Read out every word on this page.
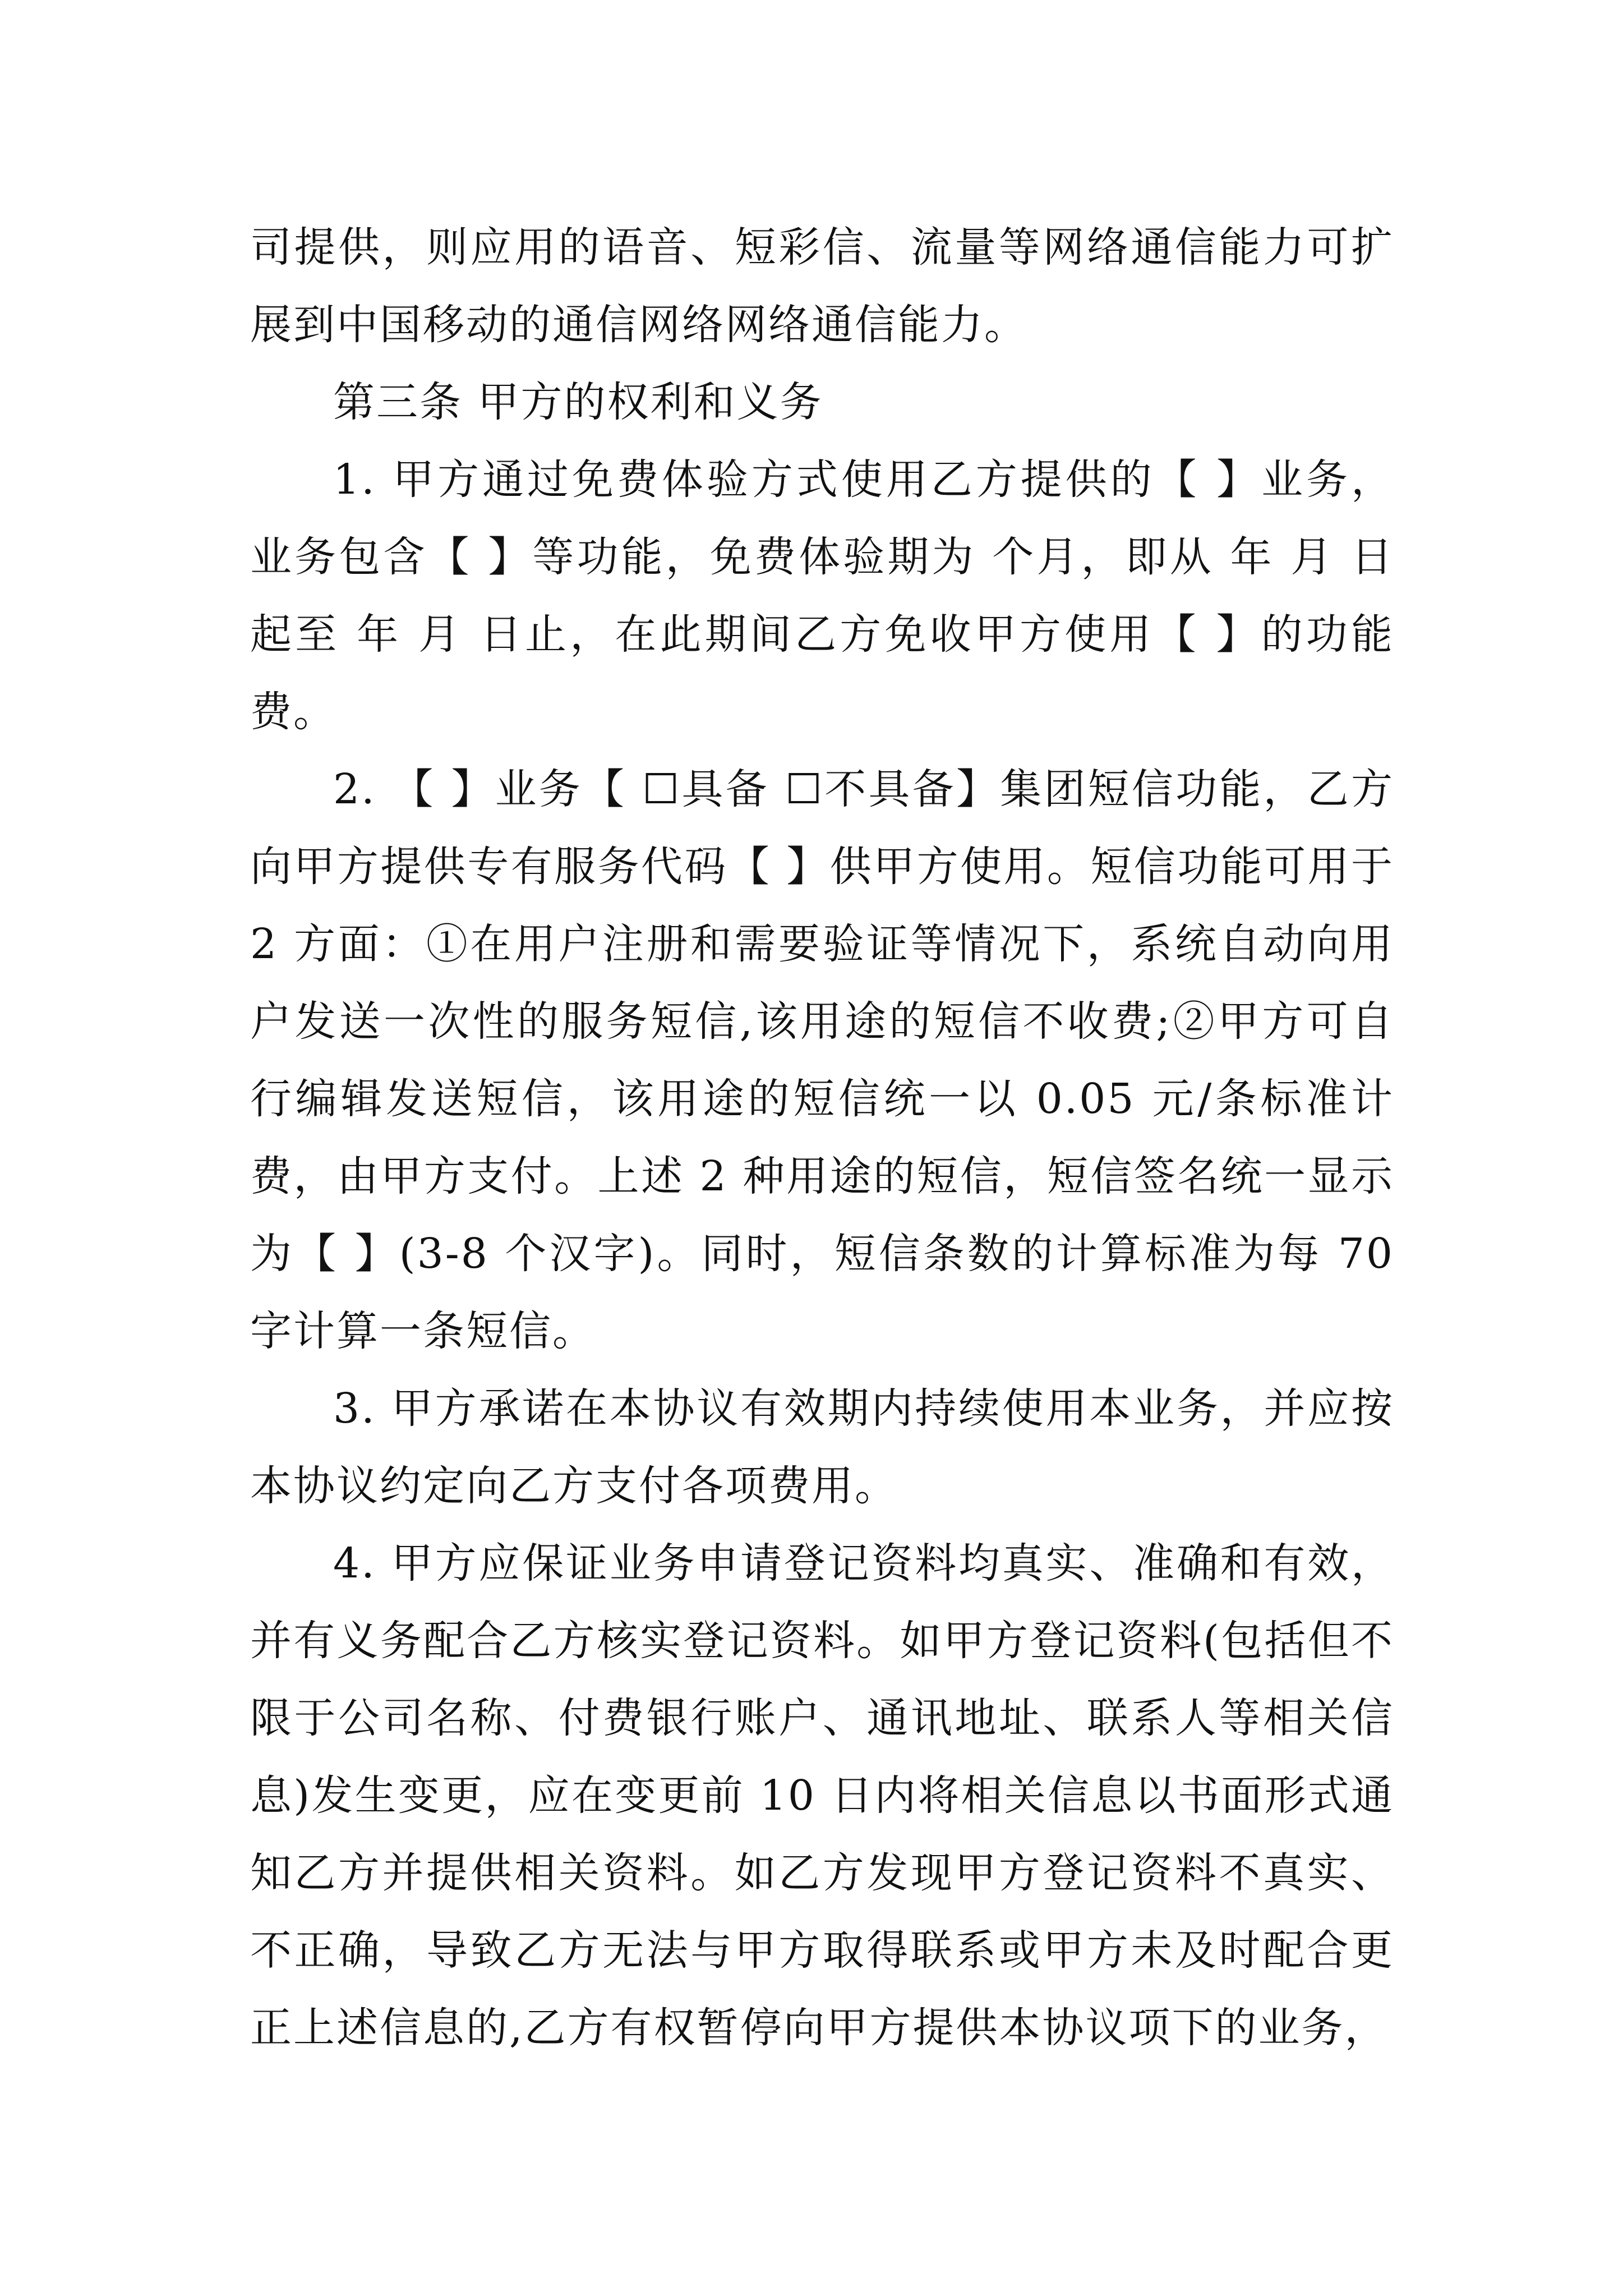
司提供，则应用的语音、短彩信、流量等网络通信能力可扩展到中国移动的通信网络网络通信能力。

第三条 甲方的权利和义务

1. 甲方通过免费体验方式使用乙方提供的【 】业务，业务包含【 】等功能，免费体验期为 个月，即从 年 月 日起至 年 月 日止，在此期间乙方免收甲方使用【 】的功能费。

2. 【 】业务【 ☐具备 ☐不具备】集团短信功能，乙方向甲方提供专有服务代码【 】供甲方使用。短信功能可用于 2 方面：①在用户注册和需要验证等情况下，系统自动向用户发送一次性的服务短信,该用途的短信不收费;②甲方可自行编辑发送短信，该用途的短信统一以 0.05 元/条标准计费，由甲方支付。上述 2 种用途的短信，短信签名统一显示为【 】(3-8 个汉字)。同时，短信条数的计算标准为每 70 字计算一条短信。

3. 甲方承诺在本协议有效期内持续使用本业务，并应按本协议约定向乙方支付各项费用。

4. 甲方应保证业务申请登记资料均真实、准确和有效，并有义务配合乙方核实登记资料。如甲方登记资料(包括但不限于公司名称、付费银行账户、通讯地址、联系人等相关信息)发生变更，应在变更前 10 日内将相关信息以书面形式通知乙方并提供相关资料。如乙方发现甲方登记资料不真实、不正确，导致乙方无法与甲方取得联系或甲方未及时配合更正上述信息的,乙方有权暂停向甲方提供本协议项下的业务，
